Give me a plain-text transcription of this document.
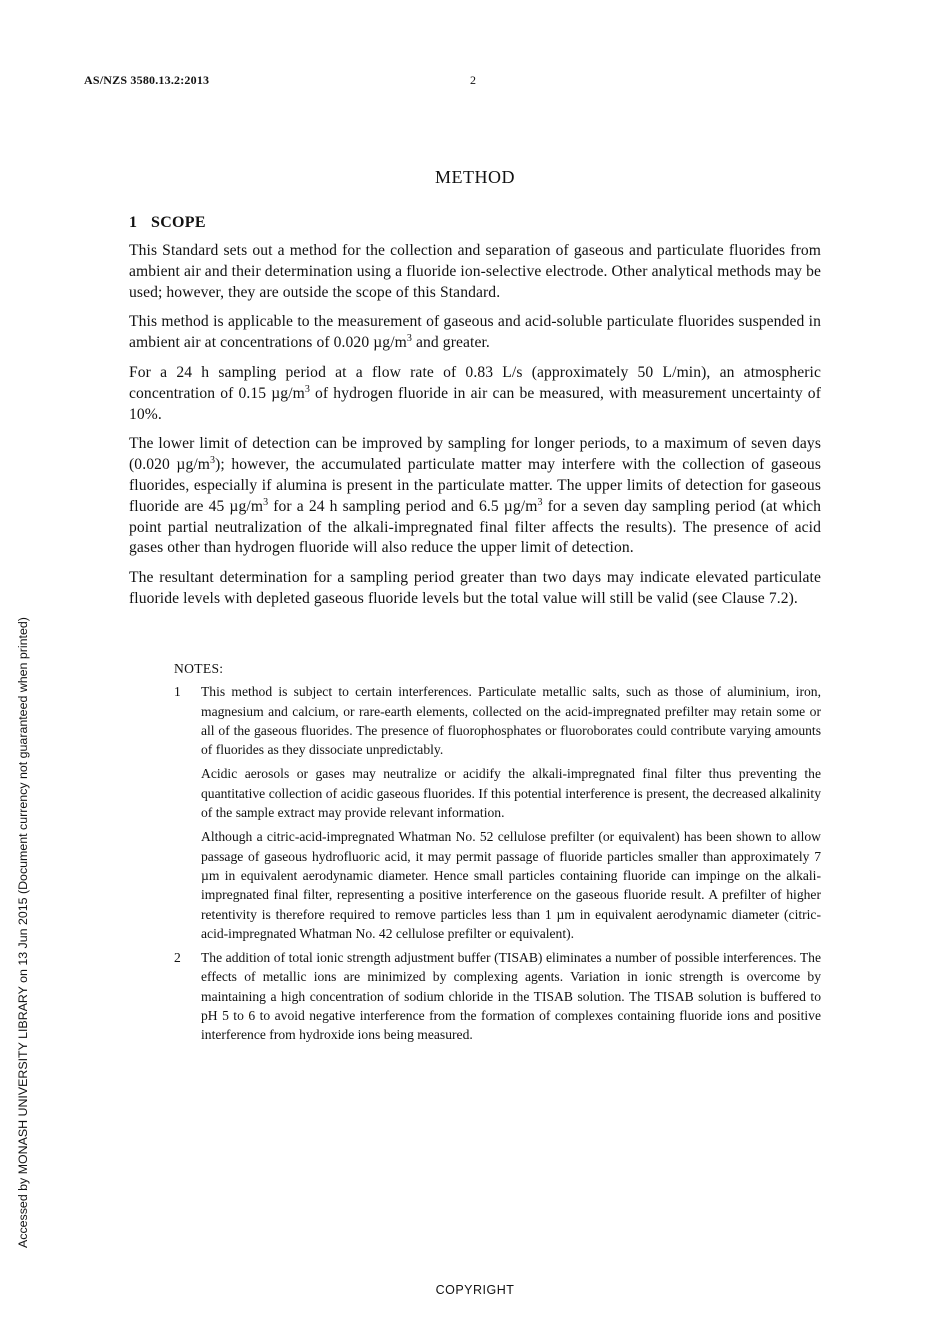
AS/NZS 3580.13.2:2013	2
METHOD
1 SCOPE

This Standard sets out a method for the collection and separation of gaseous and particulate fluorides from ambient air and their determination using a fluoride ion-selective electrode. Other analytical methods may be used; however, they are outside the scope of this Standard.

This method is applicable to the measurement of gaseous and acid-soluble particulate fluorides suspended in ambient air at concentrations of 0.020 $\mu g/m^3$ and greater.

For a 24 h sampling period at a flow rate of 0.83 L/s (approximately 50 L/min), an atmospheric concentration of 0.15 $\mu g/m^3$ of hydrogen fluoride in air can be measured, with measurement uncertainty of 10%.

The lower limit of detection can be improved by sampling for longer periods, to a maximum of seven days (0.020 $\mu g/m^3$); however, the accumulated particulate matter may interfere with the collection of gaseous fluorides, especially if alumina is present in the particulate matter. The upper limits of detection for gaseous fluoride are 45 $\mu g/m^3$ for a 24 h sampling period and 6.5 $\mu g/m^3$ for a seven day sampling period (at which point partial neutralization of the alkali-impregnated final filter affects the results). The presence of acid gases other than hydrogen fluoride will also reduce the upper limit of detection.

The resultant determination for a sampling period greater than two days may indicate elevated particulate fluoride levels with depleted gaseous fluoride levels but the total value will still be valid (see Clause 7.2).

NOTES:
1	This method is subject to certain interferences. Particulate metallic salts, such as those of aluminium, iron, magnesium and calcium, or rare-earth elements, collected on the acid-impregnated prefilter may retain some or all of the gaseous fluorides. The presence of fluorophosphates or fluoroborates could contribute varying amounts of fluorides as they dissociate unpredictably.

Acidic aerosols or gases may neutralize or acidify the alkali-impregnated final filter thus preventing the quantitative collection of acidic gaseous fluorides. If this potential interference is present, the decreased alkalinity of the sample extract may provide relevant information.

Although a citric-acid-impregnated Whatman No. 52 cellulose prefilter (or equivalent) has been shown to allow passage of gaseous hydrofluoric acid, it may permit passage of fluoride particles smaller than approximately 7 µm in equivalent aerodynamic diameter. Hence small particles containing fluoride can impinge on the alkali-impregnated final filter, representing a positive interference on the gaseous fluoride result. A prefilter of higher retentivity is therefore required to remove particles less than 1 µm in equivalent aerodynamic diameter (citric-acid-impregnated Whatman No. 42 cellulose prefilter or equivalent).

2	The addition of total ionic strength adjustment buffer (TISAB) eliminates a number of possible interferences. The effects of metallic ions are minimized by complexing agents. Variation in ionic strength is overcome by maintaining a high concentration of sodium chloride in the TISAB solution. The TISAB solution is buffered to pH 5 to 6 to avoid negative interference from the formation of complexes containing fluoride ions and positive interference from hydroxide ions being measured.

Accessed by MONASH UNIVERSITY LIBRARY on 13 Jun 2015 (Document currency not guaranteed when printed)
COPYRIGHT
